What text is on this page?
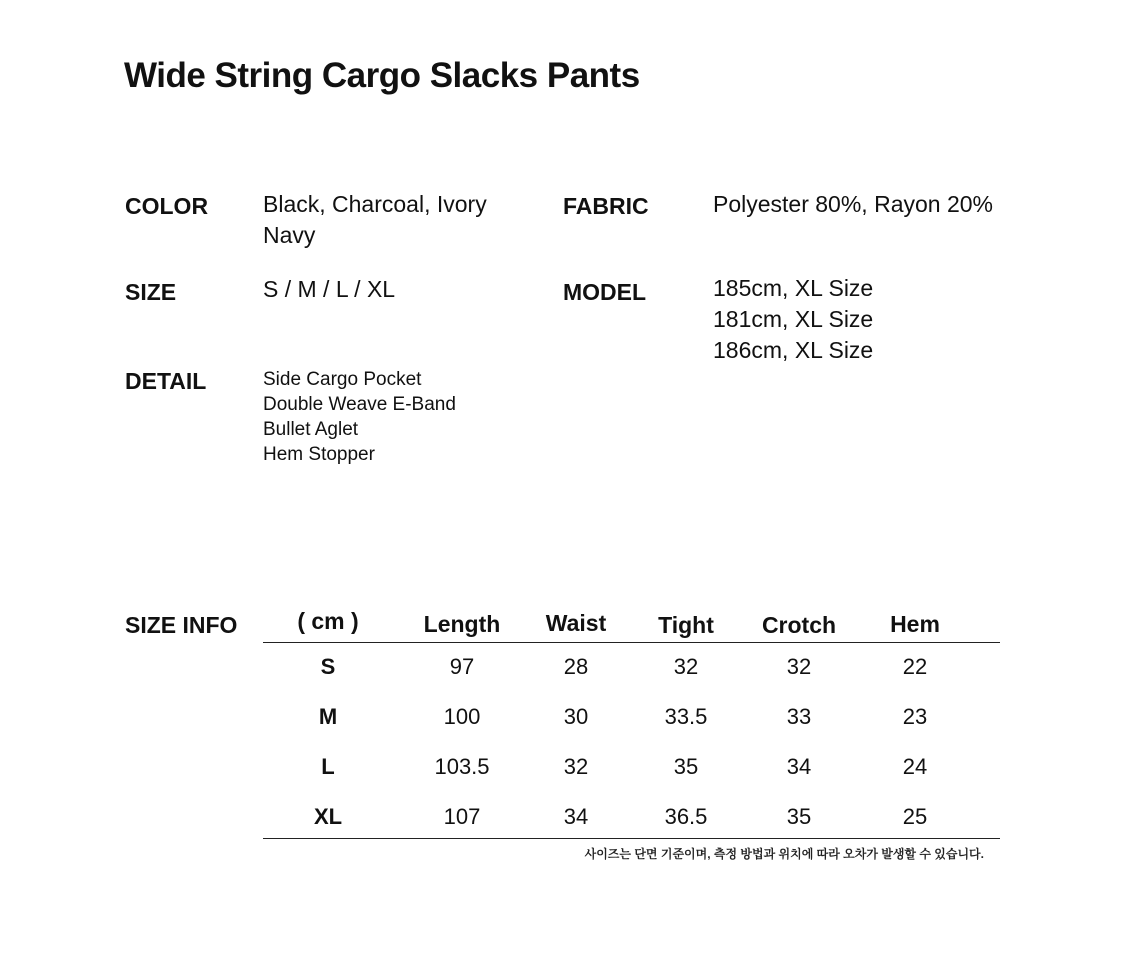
Wide String Cargo Slacks Pants
COLOR Black, Charcoal, Ivory
Navy
FABRIC	Polyester 80%, Rayon 20%
SIZE	S / M / L / XL	MODEL	185cm, XL Size
181cm, XL Size
186cm, XL Size
DETAIL	Side Cargo Pocket
Double Weave E-Band
Bullet Aglet
Hem Stopper
SIZE INFO	( cm )	Length	Waist	Tight	Crotch	Hem
S	97	28	32	32	22
M	100	30	33.5	33	23
L	103.5	32	35	34	24
XL	107	34	36.5	35	25
사이즈는 단면 기준이며, 측정 방법과 위치에 따라 오차가 발생할 수 있습니다.
